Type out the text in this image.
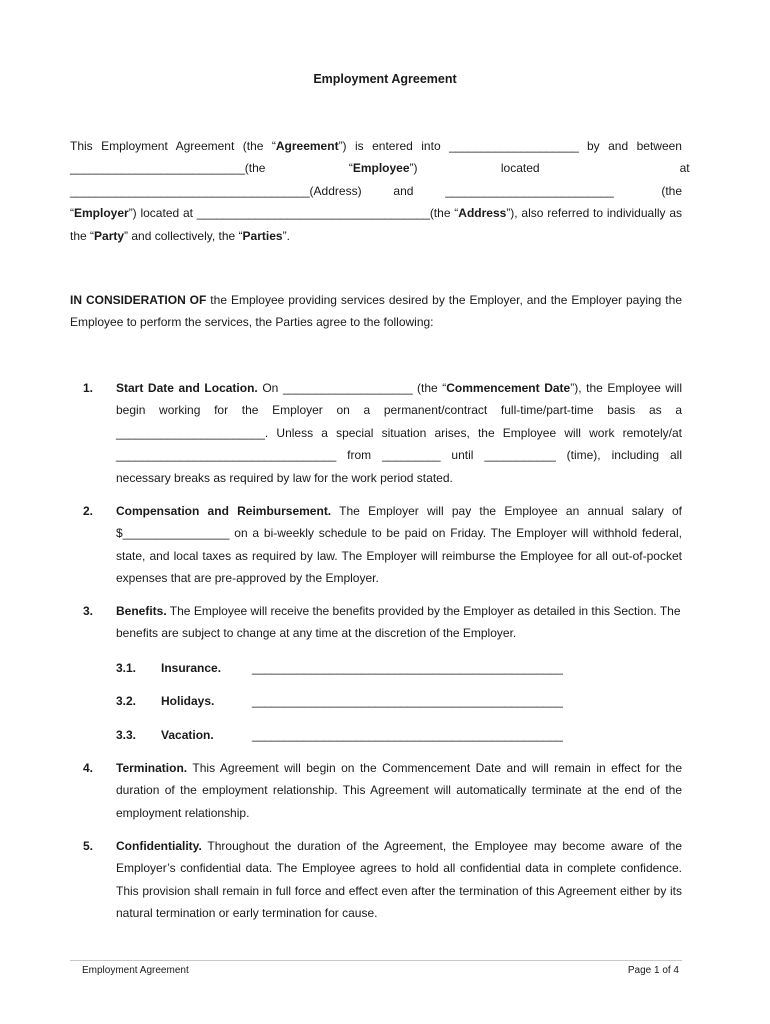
Employment Agreement
This Employment Agreement (the “Agreement”) is entered into ____________________ by and between ___________________________(the                         “Employee”)                         located                                          at _____________________________________(Address)      and      __________________________         (the “Employer”) located at ____________________________________(the “Address”), also referred to individually as the “Party” and collectively, the “Parties”.
IN CONSIDERATION OF the Employee providing services desired by the Employer, and the Employer paying the Employee to perform the services, the Parties agree to the following:
1. Start Date and Location. On ____________________ (the “Commencement Date”), the Employee will begin working for the Employer on a permanent/contract full-time/part-time basis as a _______________________. Unless a special situation arises, the Employee will work remotely/at __________________________________ from _________ until ___________ (time), including all necessary breaks as required by law for the work period stated.
2. Compensation and Reimbursement. The Employer will pay the Employee an annual salary of $________________ on a bi-weekly schedule to be paid on Friday. The Employer will withhold federal, state, and local taxes as required by law. The Employer will reimburse the Employee for all out-of-pocket expenses that are pre-approved by the Employer.
3. Benefits. The Employee will receive the benefits provided by the Employer as detailed in this Section. The benefits are subject to change at any time at the discretion of the Employer.
3.1. Insurance.	________________________________________________
3.2. Holidays.	________________________________________________
3.3. Vacation.	________________________________________________
4. Termination. This Agreement will begin on the Commencement Date and will remain in effect for the duration of the employment relationship. This Agreement will automatically terminate at the end of the employment relationship.
5. Confidentiality. Throughout the duration of the Agreement, the Employee may become aware of the Employer’s confidential data. The Employee agrees to hold all confidential data in complete confidence. This provision shall remain in full force and effect even after the termination of this Agreement either by its natural termination or early termination for cause.
Employment Agreement	Page 1 of 4
